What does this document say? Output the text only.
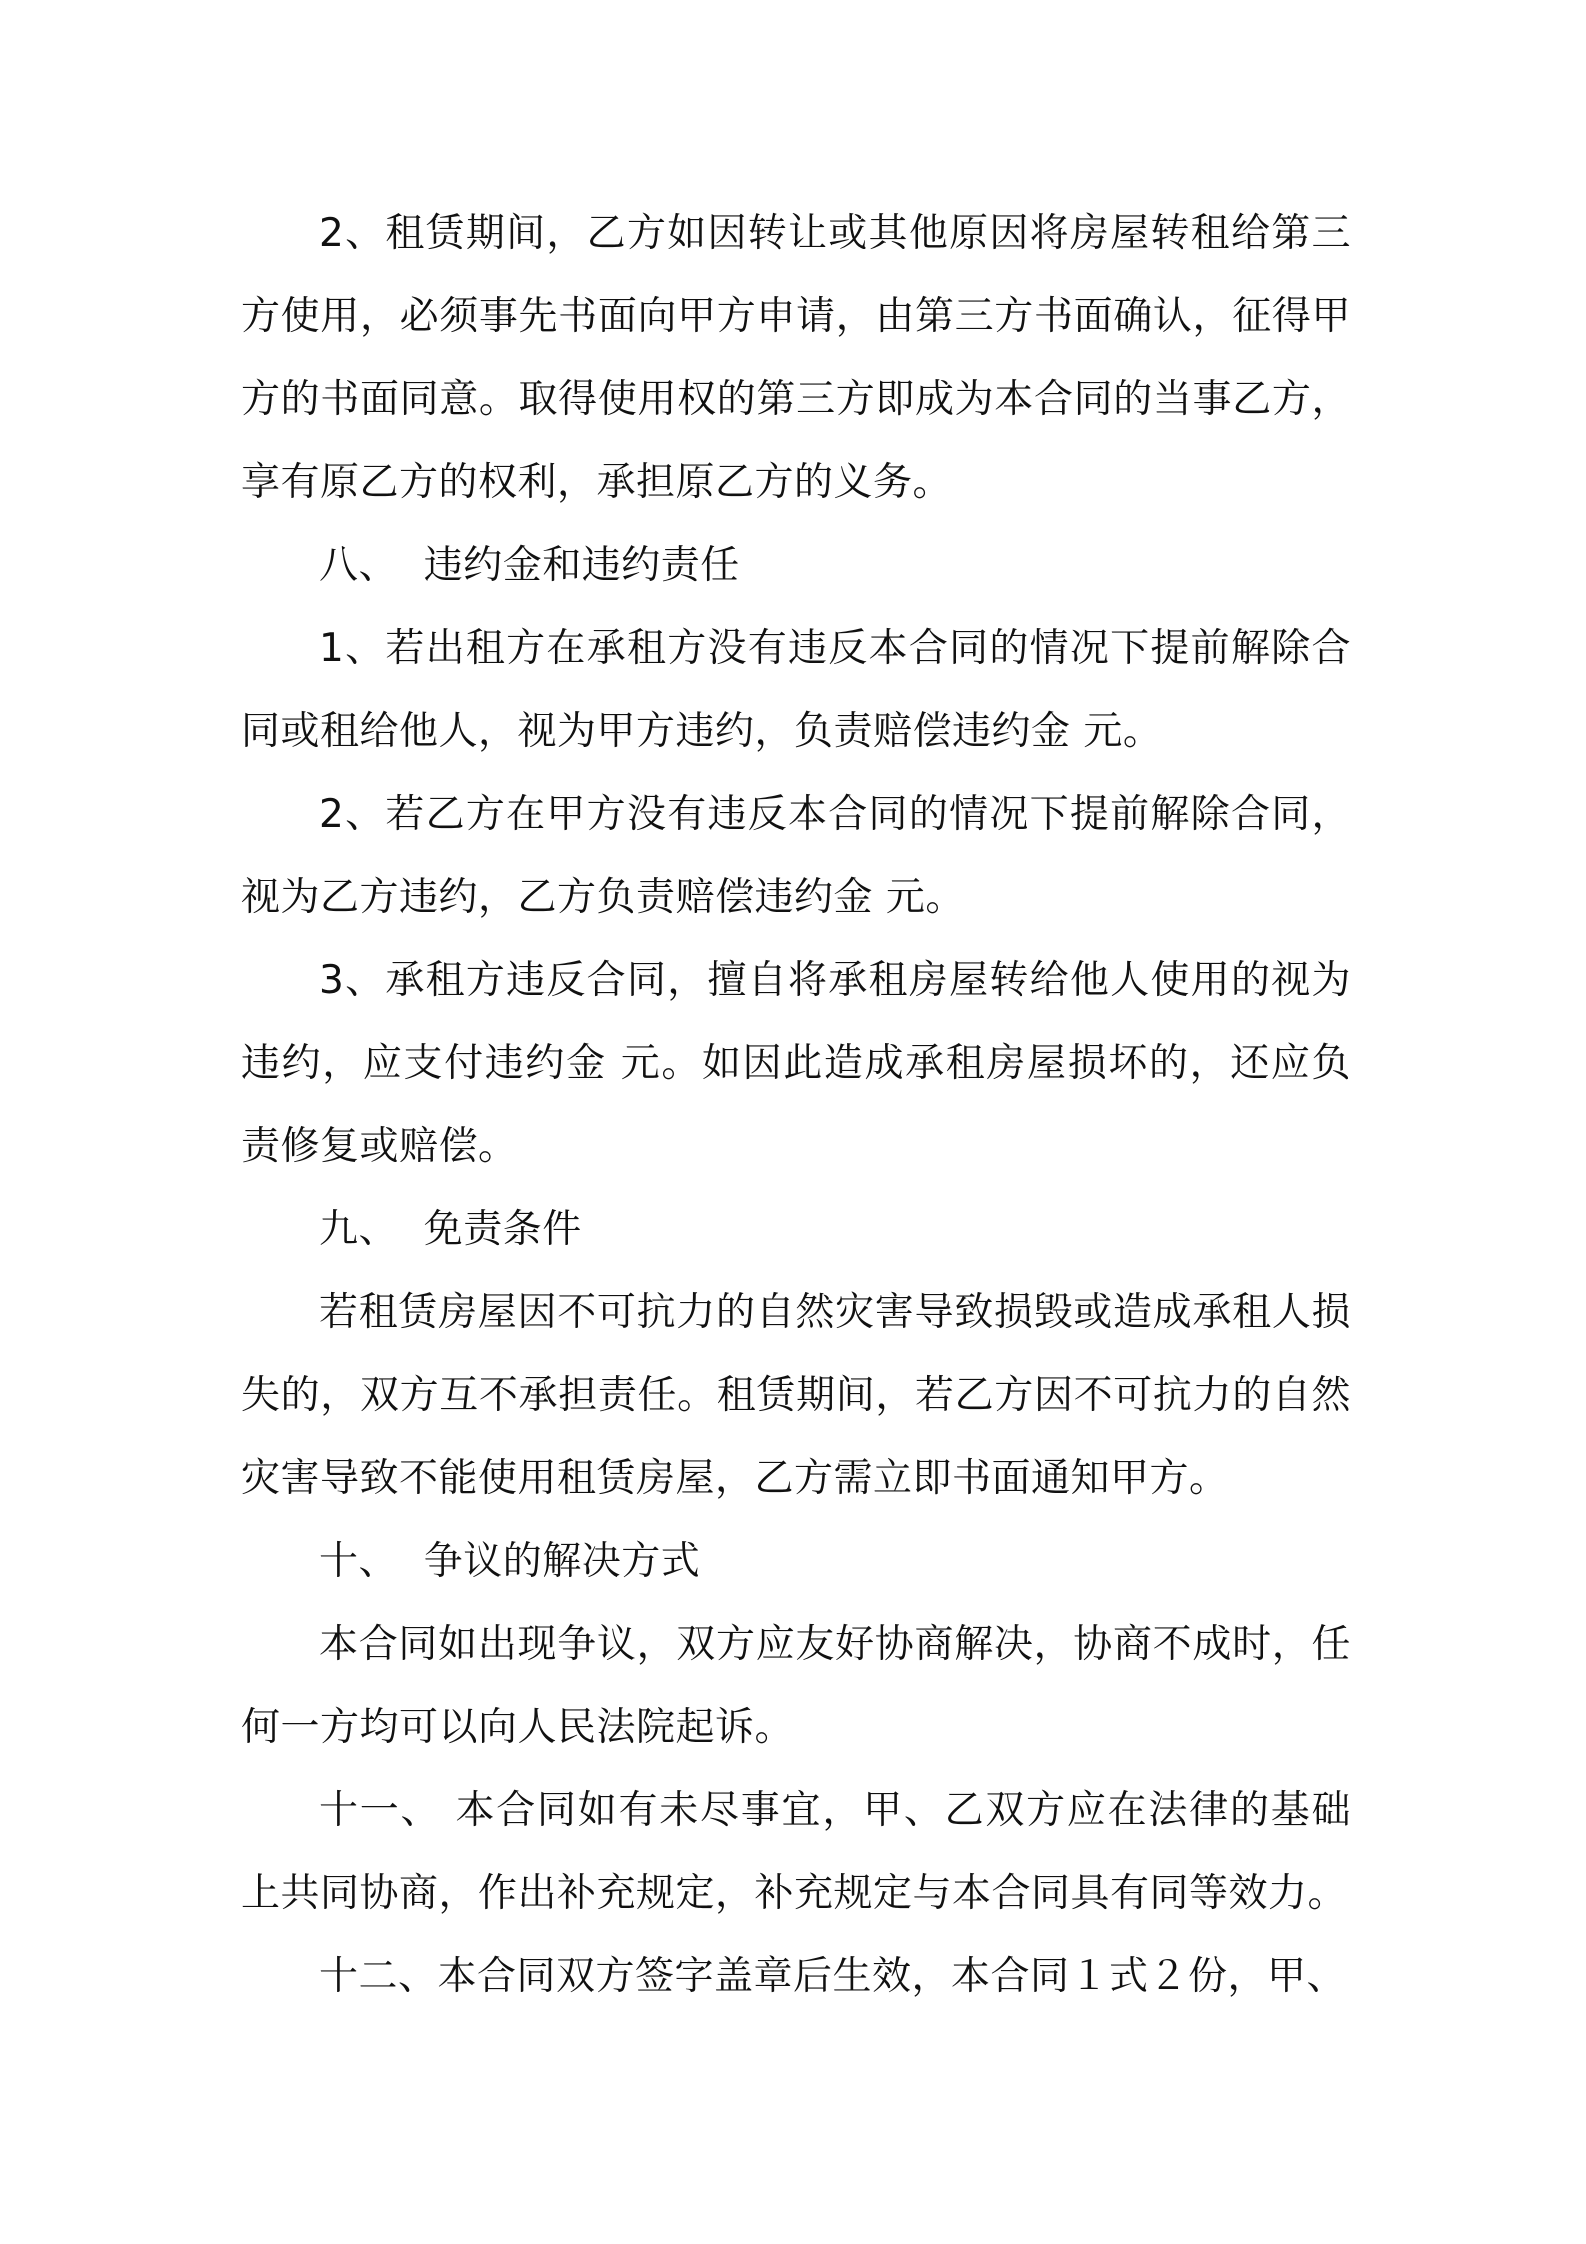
2、租赁期间，乙方如因转让或其他原因将房屋转租给第三方使用，必须事先书面向甲方申请，由第三方书面确认，征得甲方的书面同意。取得使用权的第三方即成为本合同的当事乙方，享有原乙方的权利，承担原乙方的义务。

八、  违约金和违约责任

1、若出租方在承租方没有违反本合同的情况下提前解除合同或租给他人，视为甲方违约，负责赔偿违约金 元。

2、若乙方在甲方没有违反本合同的情况下提前解除合同，视为乙方违约，乙方负责赔偿违约金 元。

3、承租方违反合同，擅自将承租房屋转给他人使用的视为违约，应支付违约金 元。如因此造成承租房屋损坏的，还应负责修复或赔偿。

九、  免责条件

若租赁房屋因不可抗力的自然灾害导致损毁或造成承租人损失的，双方互不承担责任。租赁期间，若乙方因不可抗力的自然灾害导致不能使用租赁房屋，乙方需立即书面通知甲方。

十、  争议的解决方式

本合同如出现争议，双方应友好协商解决，协商不成时，任何一方均可以向人民法院起诉。

十一、 本合同如有未尽事宜，甲、乙双方应在法律的基础上共同协商，作出补充规定，补充规定与本合同具有同等效力。

十二、本合同双方签字盖章后生效，本合同１式２份，甲、
